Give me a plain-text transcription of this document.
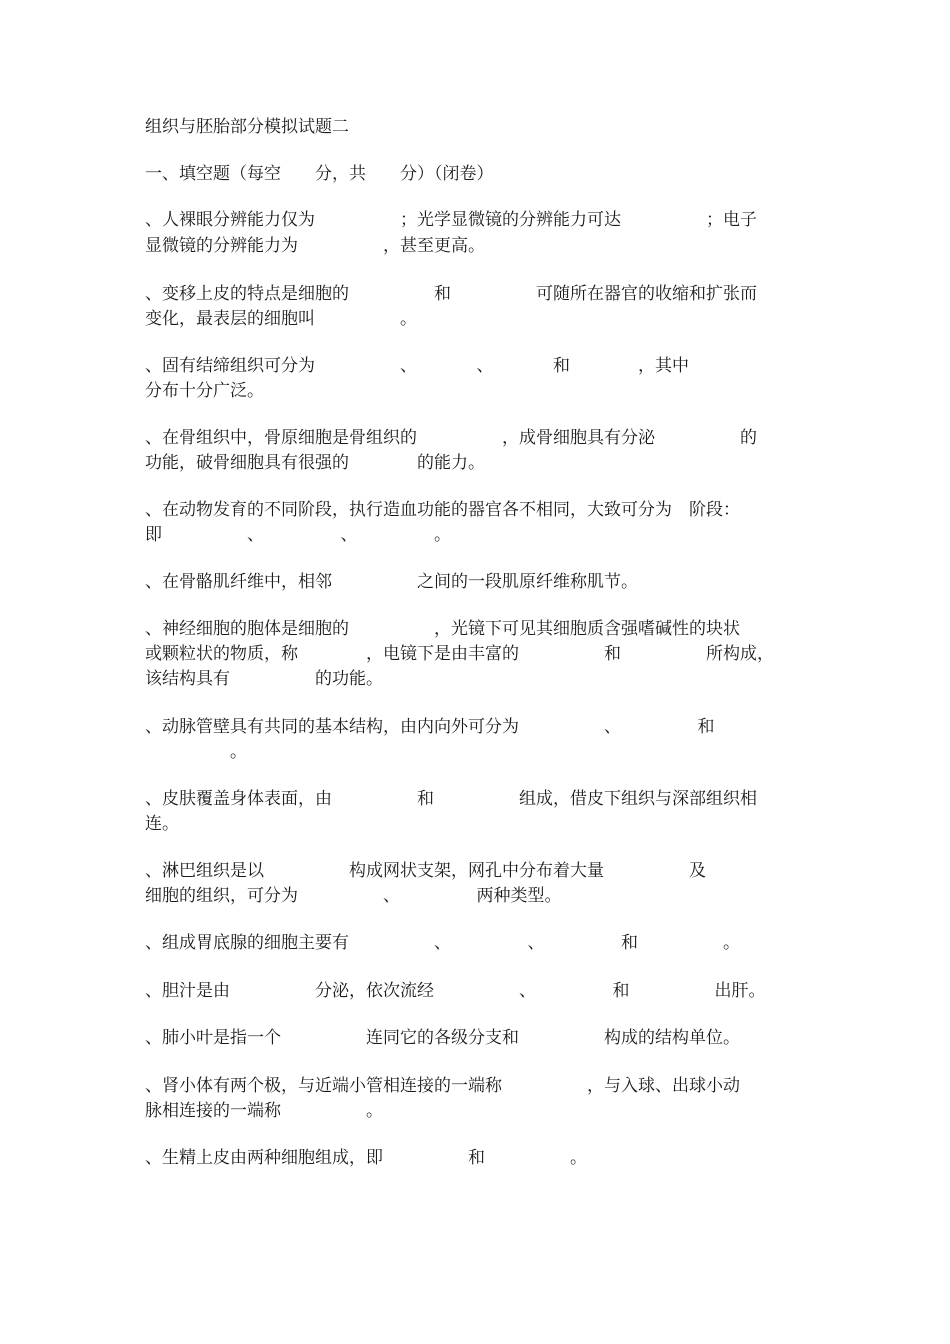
组织与胚胎部分模拟试题二

一、填空题（每空　　分，共　　分）（闭卷）

、人裸眼分辨能力仅为　　　　　；光学显微镜的分辨能力可达　　　　　；电子

显微镜的分辨能力为　　　　　，甚至更高。

、变移上皮的特点是细胞的　　　　　和　　　　　可随所在器官的收缩和扩张而

变化，最表层的细胞叫　　　　　。

、固有结缔组织可分为　　　　　、　　　　、　　　　和　　　　，其中

分布十分广泛。

、在骨组织中，骨原细胞是骨组织的　　　　　，成骨细胞具有分泌　　　　　的

功能，破骨细胞具有很强的　　　　的能力。

、在动物发育的不同阶段，执行造血功能的器官各不相同，大致可分为　阶段：

即　　　　　、　　　　　、　　　　　。

、在骨骼肌纤维中，相邻　　　　　之间的一段肌原纤维称肌节。

、神经细胞的胞体是细胞的　　　　　，光镜下可见其细胞质含强嗜碱性的块状

或颗粒状的物质，称　　　　，电镜下是由丰富的　　　　　和　　　　　所构成，

该结构具有　　　　　的功能。

、动脉管壁具有共同的基本结构，由内向外可分为　　　　　、　　　　　和

　　　　　。

、皮肤覆盖身体表面，由　　　　　和　　　　　组成，借皮下组织与深部组织相

连。

、淋巴组织是以　　　　　构成网状支架，网孔中分布着大量　　　　　及

细胞的组织，可分为　　　　　、　　　　　两种类型。

、组成胃底腺的细胞主要有　　　　　、　　　　　、　　　　　和　　　　　。

、胆汁是由　　　　　分泌，依次流经　　　　　、　　　　　和　　　　　出肝。

、肺小叶是指一个　　　　　连同它的各级分支和　　　　　构成的结构单位。

、肾小体有两个极，与近端小管相连接的一端称　　　　　，与入球、出球小动

脉相连接的一端称　　　　　。

、生精上皮由两种细胞组成，即　　　　　和　　　　　。
